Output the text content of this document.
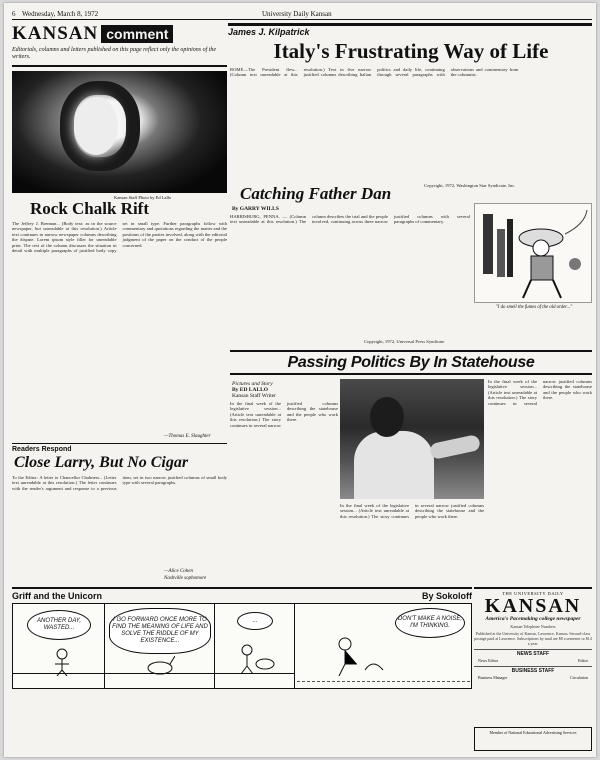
6 Wednesday, March 8, 1972	University Daily Kansan
KANSAN comment
Editorials, columns and letters published on this page reflect only the opinions of the writers.
Kansan Staff Photo by Ed Lallo
Rock Chalk Rift
The Jeffrey J. Brennan... (Body text: as in the source newspaper, but unreadable at this resolution.) Article text continues in narrow newspaper columns describing the dispute. Lorem ipsum style filler for unreadable print. The rest of the column discusses the situation in detail with multiple paragraphs of justified body copy set in small type. Further paragraphs follow with commentary and quotations regarding the matter and the positions of the parties involved, along with the editorial judgment of the paper on the conduct of the people concerned.
—Thomas E. Slaughter
Readers Respond
Close Larry, But No Cigar
To the Editor: A letter to Chancellor Chalmers... (Letter text unreadable at this resolution.) The letter continues with the reader's argument and response to a previous item, set in two narrow justified columns of small body type with several paragraphs.
—Alice Cohen
Nashville sophomore
James J. Kilpatrick
Italy's Frustrating Way of Life
ROME—The President flew... (Column text unreadable at this resolution.) Text in five narrow justified columns describing Italian politics and daily life, continuing through several paragraphs with observations and commentary from the columnist.
Copyright, 1972, Washington Star Syndicate, Inc.
"I do smell the fumes of the old order..."
Catching Father Dan
By GARRY WILLS
HARRISBURG, PENNA. — (Column text unreadable at this resolution.) The column describes the trial and the people involved, continuing across three narrow justified columns with several paragraphs of commentary.
Copyright, 1972, Universal Press Syndicate
Passing Politics By In Statehouse
Pictures and Story
By ED LALLO
Kansan Staff Writer
In the final week of the legislative session... (Article text unreadable at this resolution.) The story continues in several narrow justified columns describing the statehouse and the people who work there.
In the final week of the legislative session... (Article text unreadable at this resolution.) The story continues in several narrow justified columns describing the statehouse and the people who work there.
In the final week of the legislative session... (Article text unreadable at this resolution.) The story continues in several narrow justified columns describing the statehouse and the people who work there.
Griff and the Unicorn	By Sokoloff
ANOTHER DAY, WASTED...
I GO FORWARD ONCE MORE TO FIND THE MEANING OF LIFE AND SOLVE THE RIDDLE OF MY EXISTENCE...
...	DON'T MAKE A NOISE, I'M THINKING.
THE UNIVERSITY DAILY
KANSAN
America's Pacemaking college newspaper
Kansan Telephone Numbers
Published at the University of Kansas, Lawrence, Kansas. Second-class postage paid at Lawrence. Subscriptions by mail are $8 a semester or $14 a year.
NEWS STAFF
News Editor	Editor
BUSINESS STAFF
Business Manager	Circulation
Member of National Educational Advertising Services
